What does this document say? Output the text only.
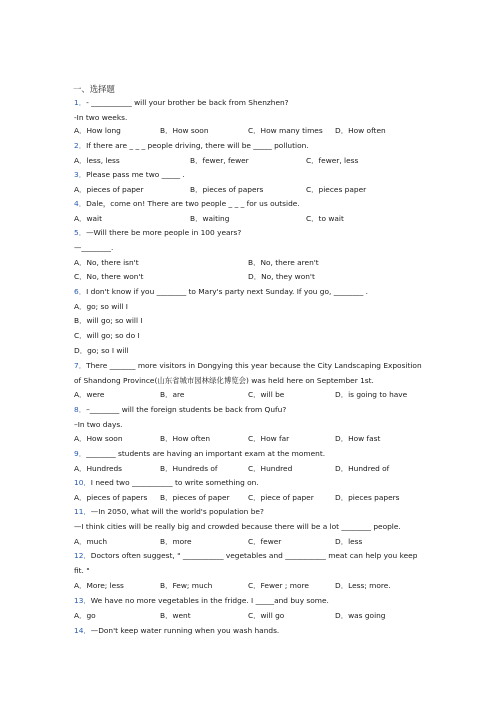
一、选择题
1．- ___________ will your brother be back from Shenzhen?
-In two weeks.
A．How long	B．How soon	C．How many times D．How often
2．If there are _ _ _ people driving, there will be _____ pollution.
A．less, less	B．fewer, fewer	C．fewer, less
3．Please pass me two _____ .
A．pieces of paper	B．pieces of papers	C．pieces paper
4．Dale，come on! There are two people _ _ _ for us outside.
A．wait	B．waiting	C．to wait
5．—Will there be more people in 100 years?
—________.
A．No, there isn't	B．No, there aren't
C．No, there won't	D．No, they won't
6．I don't know if you ________ to Mary's party next Sunday. If you go, ________ .
A．go; so will I
B．will go; so will I
C．will go; so do I
D．go; so I will
7．There _______ more visitors in Dongying this year because the City Landscaping Exposition
of Shandong Province(山东省城市园林绿化博览会) was held here on September 1st.
A．were	B．are	C．will be	D．is going to have
8．–________ will the foreign students be back from Qufu?
–In two days.
A．How soon	B．How often	C．How far	D．How fast
9．________ students are having an important exam at the moment.
A．Hundreds	B．Hundreds of	C．Hundred	D．Hundred of
10．I need two ___________ to write something on.
A．pieces of papers B．pieces of paper C．piece of paper	D．pieces papers
11．—In 2050, what will the world's population be?
—I think cities will be really big and crowded because there will be a lot ________ people.
A．much	B．more	C．fewer	D．less
12．Doctors often suggest, " ___________ vegetables and ___________ meat can help you keep
fit. "
A．More; less	B．Few; much	C．Fewer ; more	D．Less; more.
13．We have no more vegetables in the fridge. I _____and buy some.
A．go	B．went	C．will go	D．was going
14．—Don't keep water running when you wash hands.
